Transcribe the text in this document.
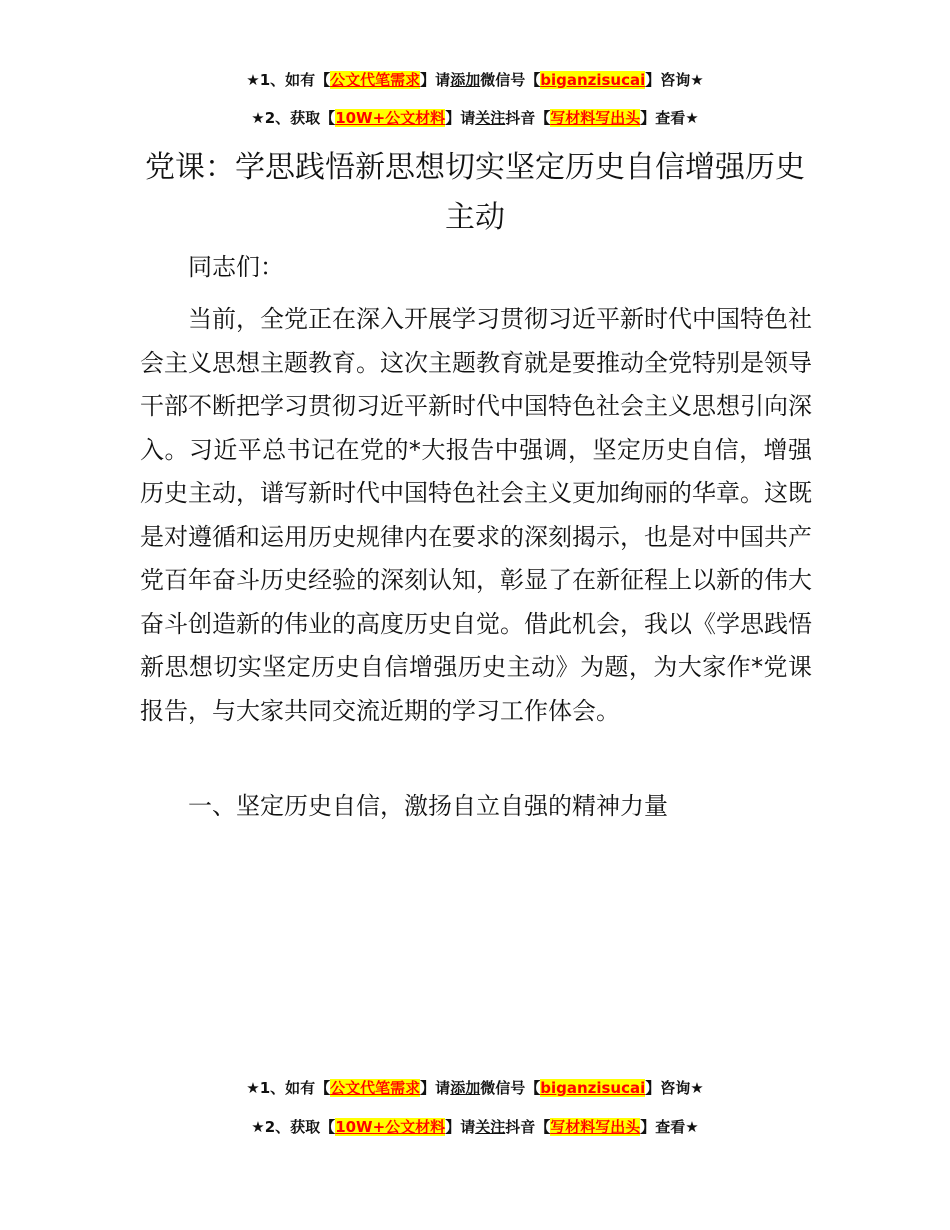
★1、如有【公文代笔需求】请添加微信号【biganzisucai】咨询★
★2、获取【10W+公文材料】请关注抖音【写材料写出头】查看★
党课：学思践悟新思想切实坚定历史自信增强历史主动

同志们：

当前，全党正在深入开展学习贯彻习近平新时代中国特色社会主义思想主题教育。这次主题教育就是要推动全党特别是领导干部不断把学习贯彻习近平新时代中国特色社会主义思想引向深入。习近平总书记在党的*大报告中强调，坚定历史自信，增强历史主动，谱写新时代中国特色社会主义更加绚丽的华章。这既是对遵循和运用历史规律内在要求的深刻揭示，也是对中国共产党百年奋斗历史经验的深刻认知，彰显了在新征程上以新的伟大奋斗创造新的伟业的高度历史自觉。借此机会，我以《学思践悟新思想切实坚定历史自信增强历史主动》为题，为大家作*党课报告，与大家共同交流近期的学习工作体会。

一、坚定历史自信，激扬自立自强的精神力量

★1、如有【公文代笔需求】请添加微信号【biganzisucai】咨询★
★2、获取【10W+公文材料】请关注抖音【写材料写出头】查看★
